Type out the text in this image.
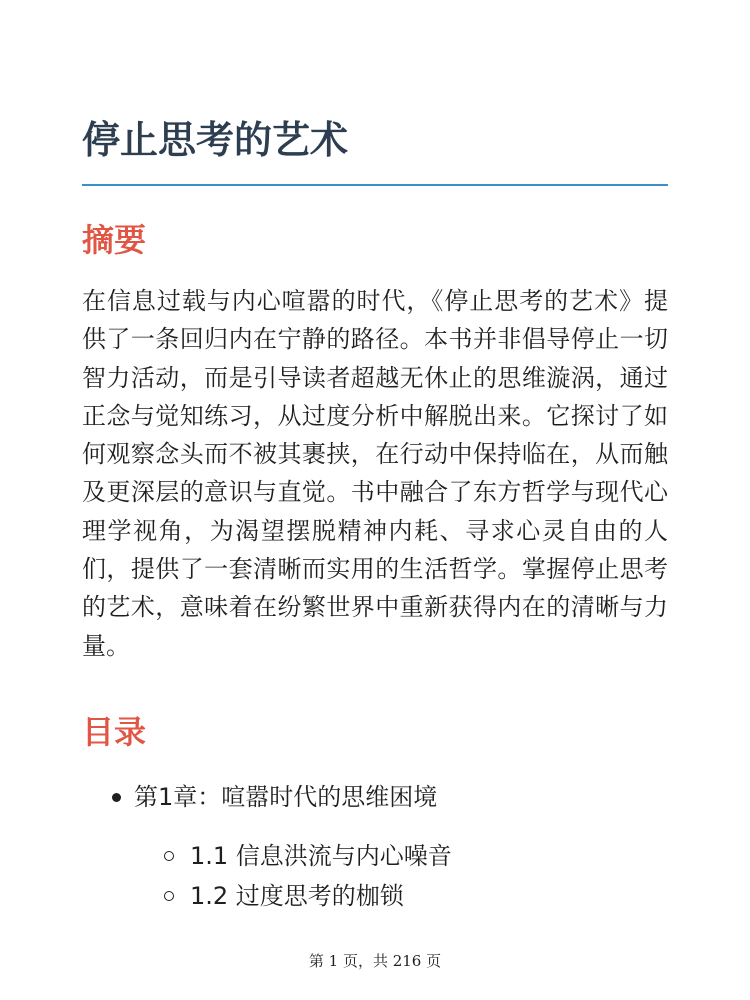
停止思考的艺术
摘要

在信息过载与内心喧嚣的时代，《停止思考的艺术》提供了一条回归内在宁静的路径。本书并非倡导停止一切智力活动，而是引导读者超越无休止的思维漩涡，通过正念与觉知练习，从过度分析中解脱出来。它探讨了如何观察念头而不被其裹挟，在行动中保持临在，从而触及更深层的意识与直觉。书中融合了东方哲学与现代心理学视角，为渴望摆脱精神内耗、寻求心灵自由的人们，提供了一套清晰而实用的生活哲学。掌握停止思考的艺术，意味着在纷繁世界中重新获得内在的清晰与力量。

目录
第1章：喧嚣时代的思维困境
1.1 信息洪流与内心噪音
1.2 过度思考的枷锁
第 1 页，共 216 页
